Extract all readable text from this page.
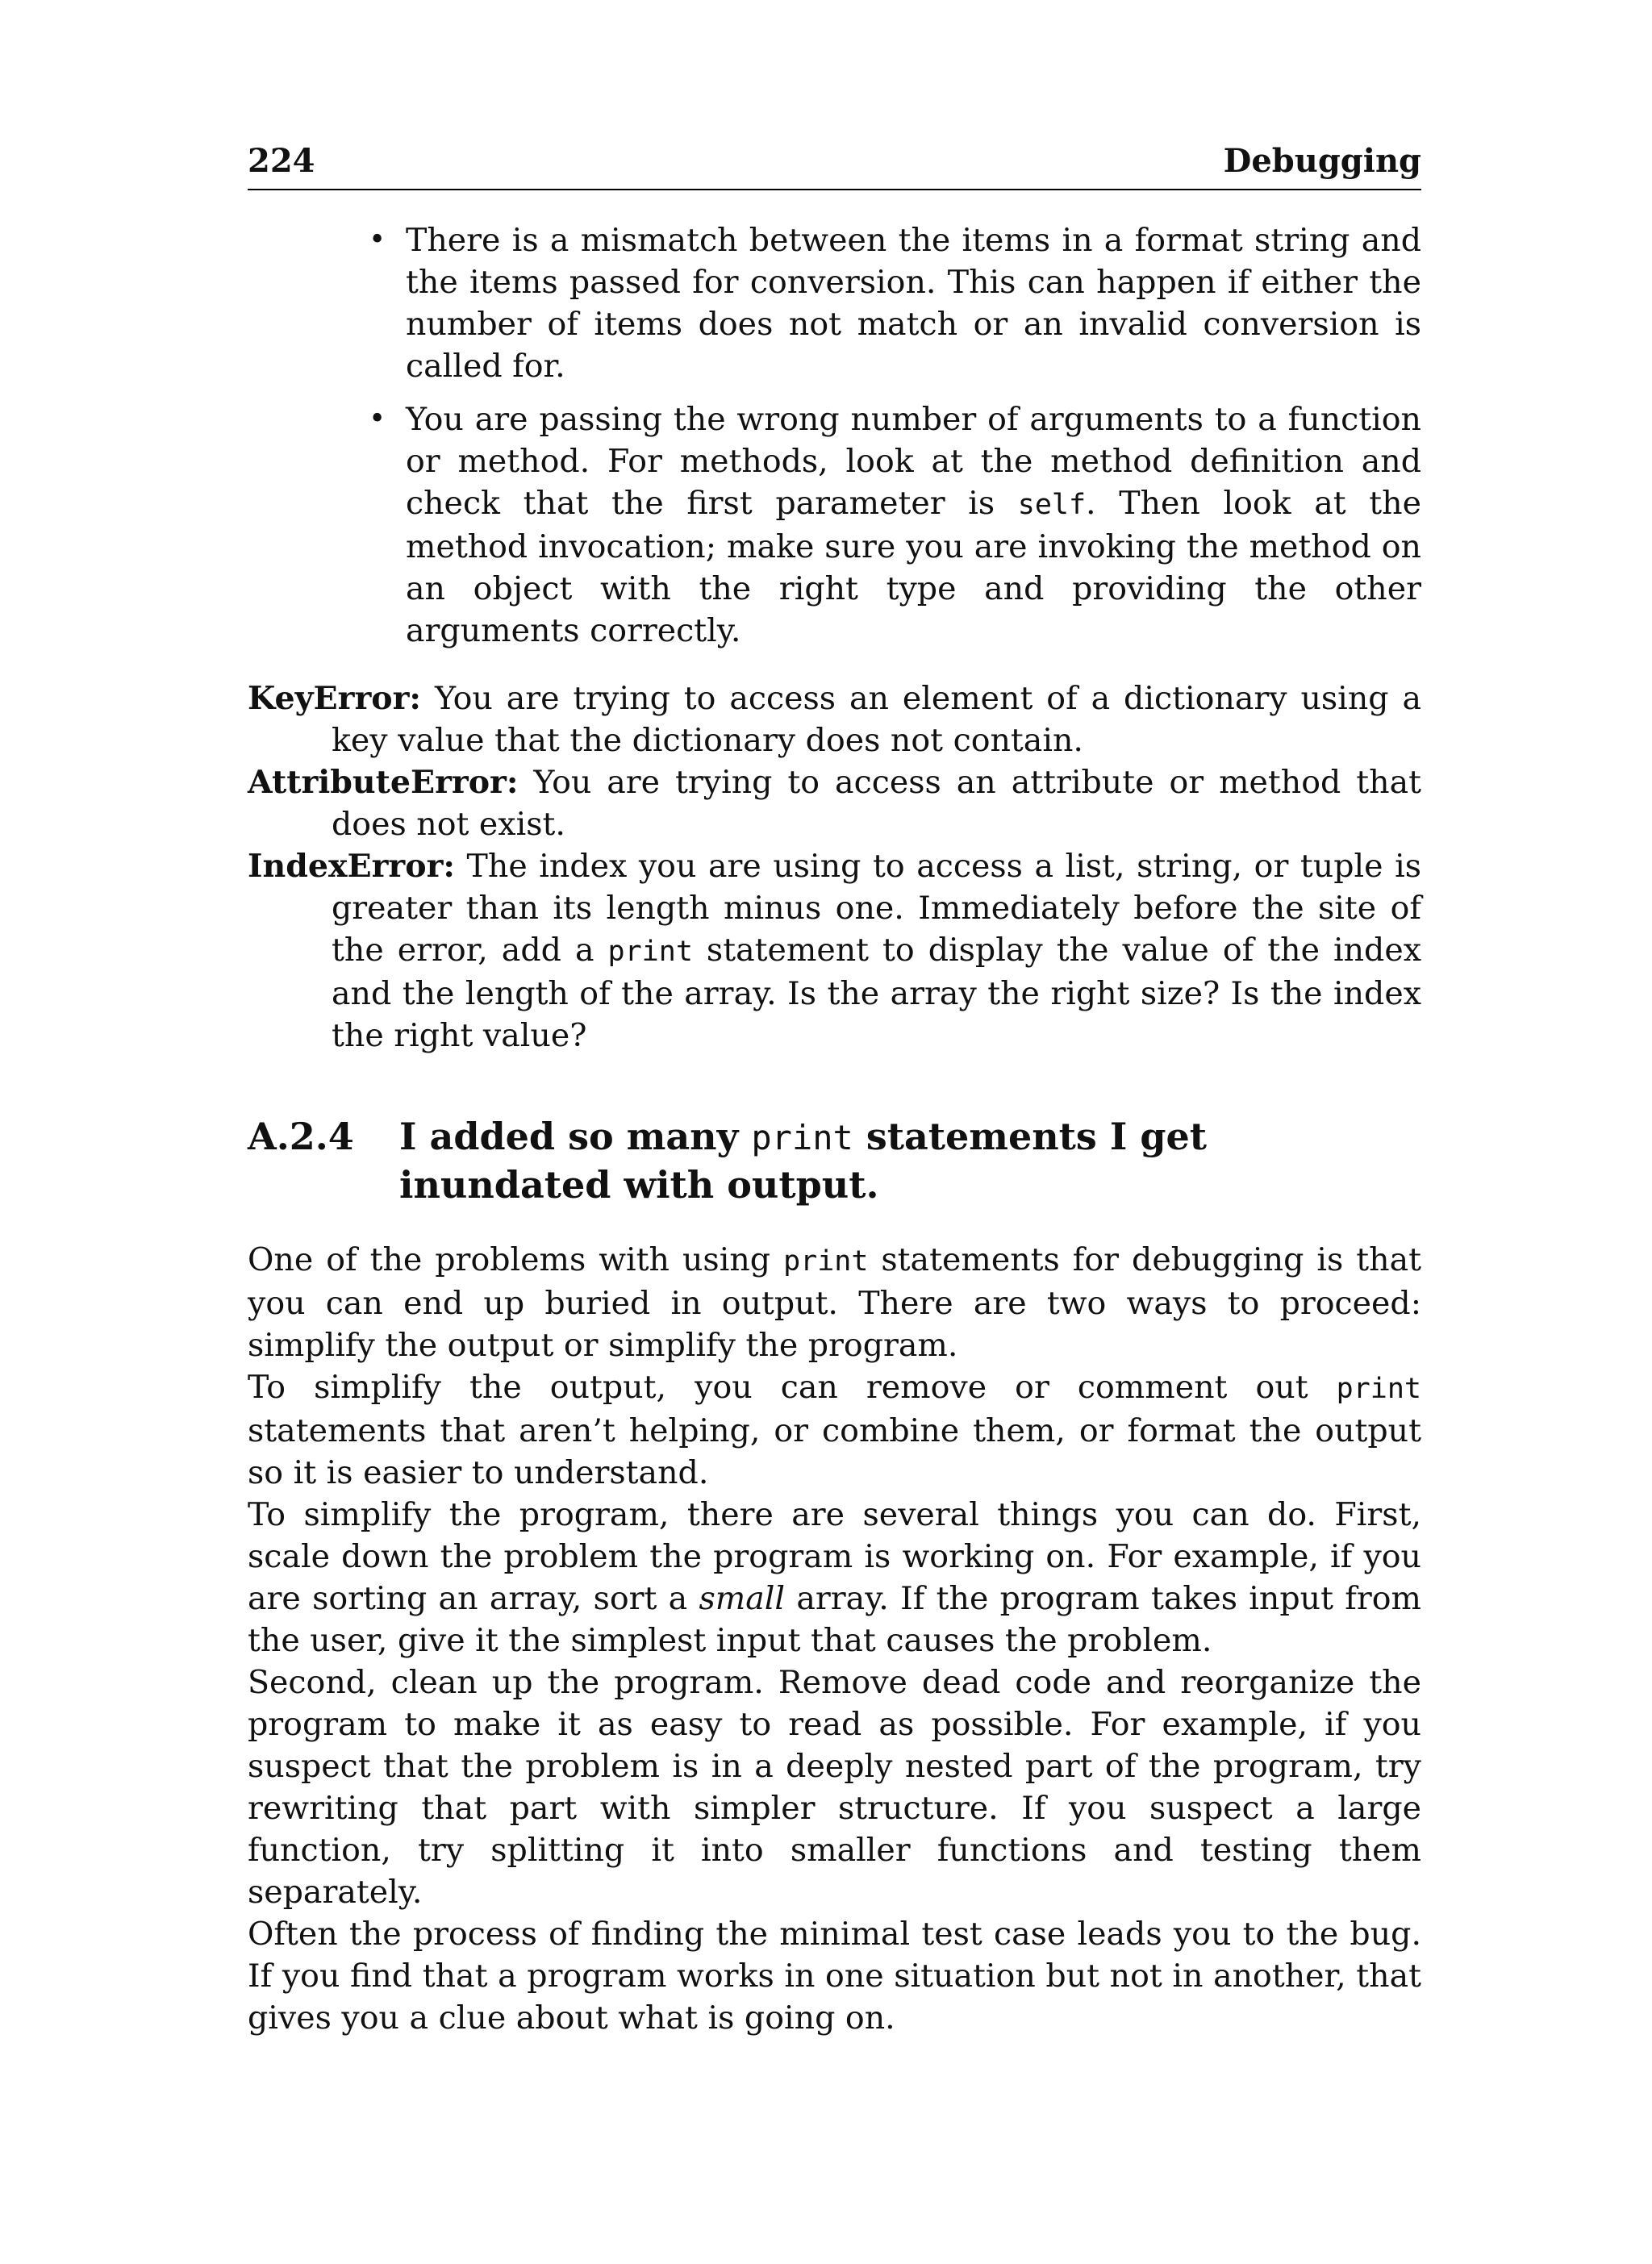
224	Debugging
• There is a mismatch between the items in a format string and the items passed for conversion. This can happen if either the number of items does not match or an invalid conversion is called for.
• You are passing the wrong number of arguments to a function or method. For methods, look at the method definition and check that the first parameter is self. Then look at the method invocation; make sure you are invoking the method on an object with the right type and providing the other arguments correctly.

KeyError: You are trying to access an element of a dictionary using a key value that the dictionary does not contain.

AttributeError: You are trying to access an attribute or method that does not exist.

IndexError: The index you are using to access a list, string, or tuple is greater than its length minus one. Immediately before the site of the error, add a print statement to display the value of the index and the length of the array. Is the array the right size? Is the index the right value?

A.2.4	I added so many print statements I get inundated with output.

One of the problems with using print statements for debugging is that you can end up buried in output. There are two ways to proceed: simplify the output or simplify the program.

To simplify the output, you can remove or comment out print statements that aren’t helping, or combine them, or format the output so it is easier to understand.

To simplify the program, there are several things you can do. First, scale down the problem the program is working on. For example, if you are sorting an array, sort a small array. If the program takes input from the user, give it the simplest input that causes the problem.

Second, clean up the program. Remove dead code and reorganize the program to make it as easy to read as possible. For example, if you suspect that the problem is in a deeply nested part of the program, try rewriting that part with simpler structure. If you suspect a large function, try splitting it into smaller functions and testing them separately.

Often the process of finding the minimal test case leads you to the bug. If you find that a program works in one situation but not in another, that gives you a clue about what is going on.
